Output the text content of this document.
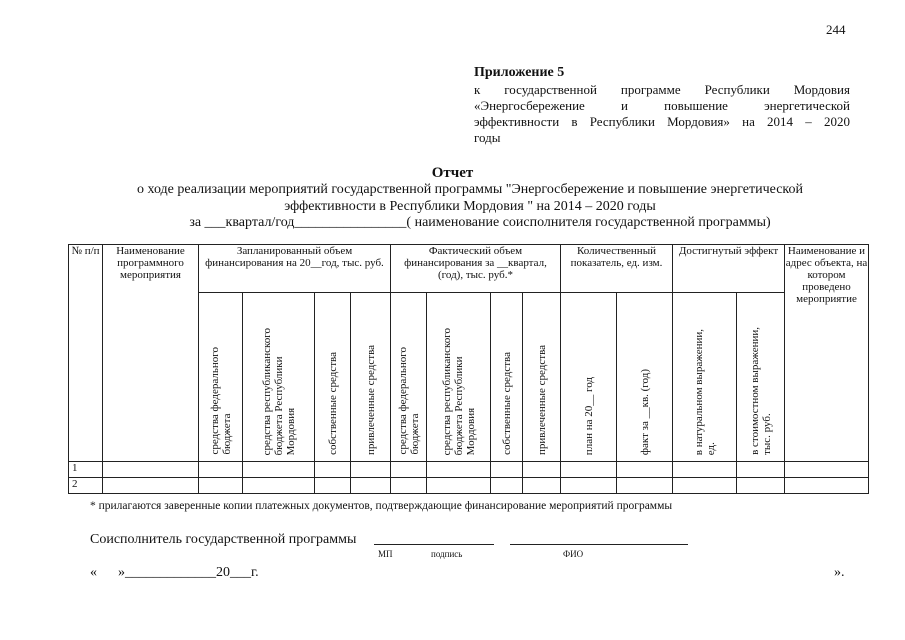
244
Приложение 5
к государственной программе Республики Мордовия
«Энергосбережение и повышение энергетической
эффективности в Республики Мордовия» на 2014 – 2020
годы
Отчет
о ходе реализации мероприятий государственной программы "Энергосбережение и повышение энергетической эффективности в Республики Мордовия " на 2014 – 2020 годы
за ___квартал/год________________( наименование соисполнителя государственной программы)
№ п/п	Наименование программного мероприятия	Запланированный объем финансирования на 20__год, тыс. руб.				Фактический объем финансирования за __квартал, (год), тыс. руб.*				Количественный показатель, ед. изм.		Достигнутый эффект		Наименование и адрес объекта, на котором проведено мероприятие

		средства федерального
бюджета	средства республиканского
бюджета Республики
Мордовия	собственные средства	привлеченные средства	средства федерального
бюджета	средства республиканского
бюджета Республики
Мордовия	собственные средства	привлеченные средства	план на 20__ год	факт за __кв. (год)	в натуральном выражении,
ед.	в стоимостном выражении,
тыс. руб.	

1														
2														
* прилагаются заверенные копии платежных документов, подтверждающие финансирование мероприятий программы
Соисполнитель государственной программы
МП	подпись	ФИО
«      »_____________20___г.	».
